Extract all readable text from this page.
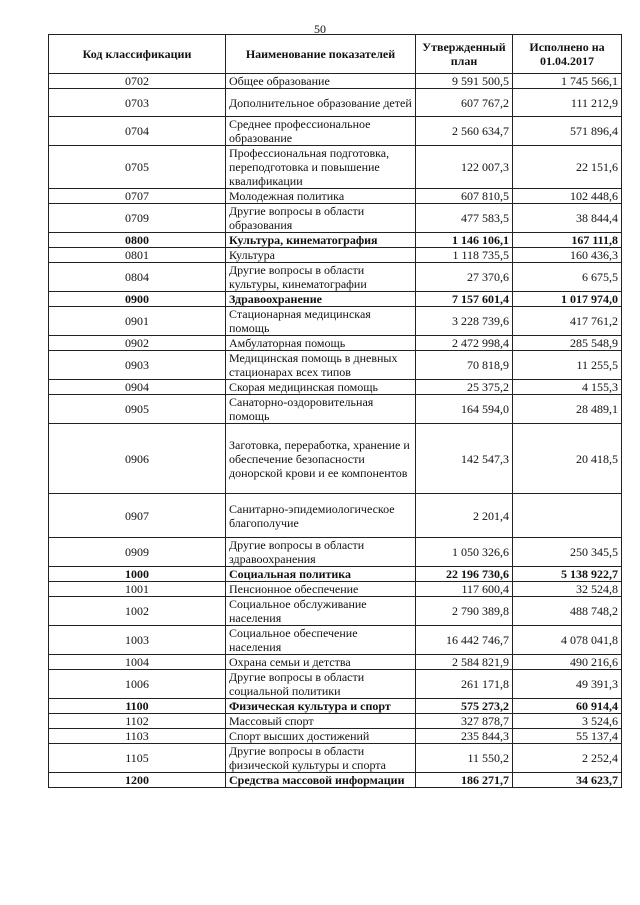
50
Код классификации	Наименование показателей	Утвержденный план	Исполнено на 01.04.2017
0702	Общее образование	9 591 500,5	1 745 566,1
0703	Дополнительное образование детей	607 767,2	111 212,9
0704	Среднее профессиональное образование	2 560 634,7	571 896,4
0705	Профессиональная подготовка, переподготовка и повышение квалификации	122 007,3	22 151,6
0707	Молодежная политика	607 810,5	102 448,6
0709	Другие вопросы в области образования	477 583,5	38 844,4
0800	Культура, кинематография	1 146 106,1	167 111,8
0801	Культура	1 118 735,5	160 436,3
0804	Другие вопросы в области культуры, кинематографии	27 370,6	6 675,5
0900	Здравоохранение	7 157 601,4	1 017 974,0
0901	Стационарная медицинская помощь	3 228 739,6	417 761,2
0902	Амбулаторная помощь	2 472 998,4	285 548,9
0903	Медицинская помощь в дневных стационарах всех типов	70 818,9	11 255,5
0904	Скорая медицинская помощь	25 375,2	4 155,3
0905	Санаторно-оздоровительная помощь	164 594,0	28 489,1
0906	Заготовка, переработка, хранение и обеспечение безопасности донорской крови и ее компонентов	142 547,3	20 418,5
0907	Санитарно-эпидемиологическое благополучие	2 201,4	
0909	Другие вопросы в области здравоохранения	1 050 326,6	250 345,5
1000	Социальная политика	22 196 730,6	5 138 922,7
1001	Пенсионное обеспечение	117 600,4	32 524,8
1002	Социальное обслуживание населения	2 790 389,8	488 748,2
1003	Социальное обеспечение населения	16 442 746,7	4 078 041,8
1004	Охрана семьи и детства	2 584 821,9	490 216,6
1006	Другие вопросы в области социальной политики	261 171,8	49 391,3
1100	Физическая культура и спорт	575 273,2	60 914,4
1102	Массовый спорт	327 878,7	3 524,6
1103	Спорт высших достижений	235 844,3	55 137,4
1105	Другие вопросы в области физической культуры и спорта	11 550,2	2 252,4
1200	Средства массовой информации	186 271,7	34 623,7
